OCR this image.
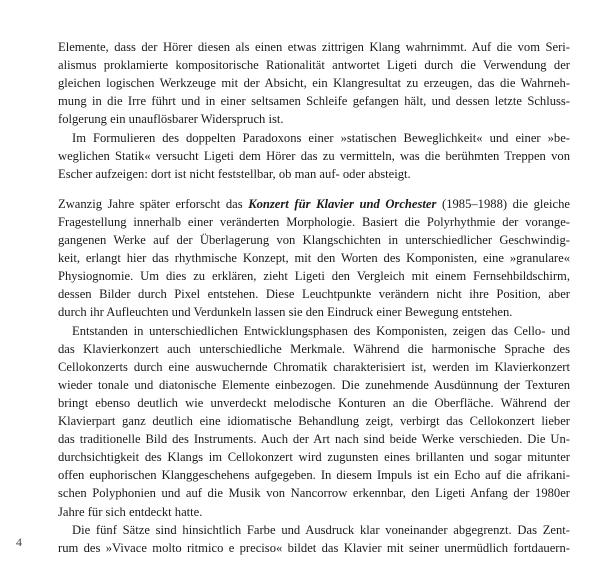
Elemente, dass der Hörer diesen als einen etwas zittrigen Klang wahrnimmt. Auf die vom Seri-
alismus proklamierte kompositorische Rationalität antwortet Ligeti durch die Verwendung der
gleichen logischen Werkzeuge mit der Absicht, ein Klangresultat zu erzeugen, das die Wahrneh-
mung in die Irre führt und in einer seltsamen Schleife gefangen hält, und dessen letzte Schluss-
folgerung ein unauflösbarer Widerspruch ist.
Im Formulieren des doppelten Paradoxons einer »statischen Beweglichkeit« und einer »be-
weglichen Statik« versucht Ligeti dem Hörer das zu vermitteln, was die berühmten Treppen von
Escher aufzeigen: dort ist nicht feststellbar, ob man auf- oder absteigt.
Zwanzig Jahre später erforscht das Konzert für Klavier und Orchester (1985–1988) die gleiche
Fragestellung innerhalb einer veränderten Morphologie. Basiert die Polyrhythmie der vorange-
gangenen Werke auf der Überlagerung von Klangschichten in unterschiedlicher Geschwindig-
keit, erlangt hier das rhythmische Konzept, mit den Worten des Komponisten, eine »granulare«
Physiognomie. Um dies zu erklären, zieht Ligeti den Vergleich mit einem Fernsehbildschirm,
dessen Bilder durch Pixel entstehen. Diese Leuchtpunkte verändern nicht ihre Position, aber
durch ihr Aufleuchten und Verdunkeln lassen sie den Eindruck einer Bewegung entstehen.
Entstanden in unterschiedlichen Entwicklungsphasen des Komponisten, zeigen das Cello- und
das Klavierkonzert auch unterschiedliche Merkmale. Während die harmonische Sprache des
Cellokonzerts durch eine auswuchernde Chromatik charakterisiert ist, werden im Klavierkonzert
wieder tonale und diatonische Elemente einbezogen. Die zunehmende Ausdünnung der Texturen
bringt ebenso deutlich wie unverdeckt melodische Konturen an die Oberfläche. Während der
Klavierpart ganz deutlich eine idiomatische Behandlung zeigt, verbirgt das Cellokonzert lieber
das traditionelle Bild des Instruments. Auch der Art nach sind beide Werke verschieden. Die Un-
durchsichtigkeit des Klangs im Cellokonzert wird zugunsten eines brillanten und sogar mitunter
offen euphorischen Klanggeschehens aufgegeben. In diesem Impuls ist ein Echo auf die afrikani-
schen Polyphonien und auf die Musik von Nancorrow erkennbar, den Ligeti Anfang der 1980er
4
Jahre für sich entdeckt hatte.
Die fünf Sätze sind hinsichtlich Farbe und Ausdruck klar voneinander abgegrenzt. Das Zent-
rum des »Vivace molto ritmico e preciso« bildet das Klavier mit seiner unermüdlich fortdauern-
